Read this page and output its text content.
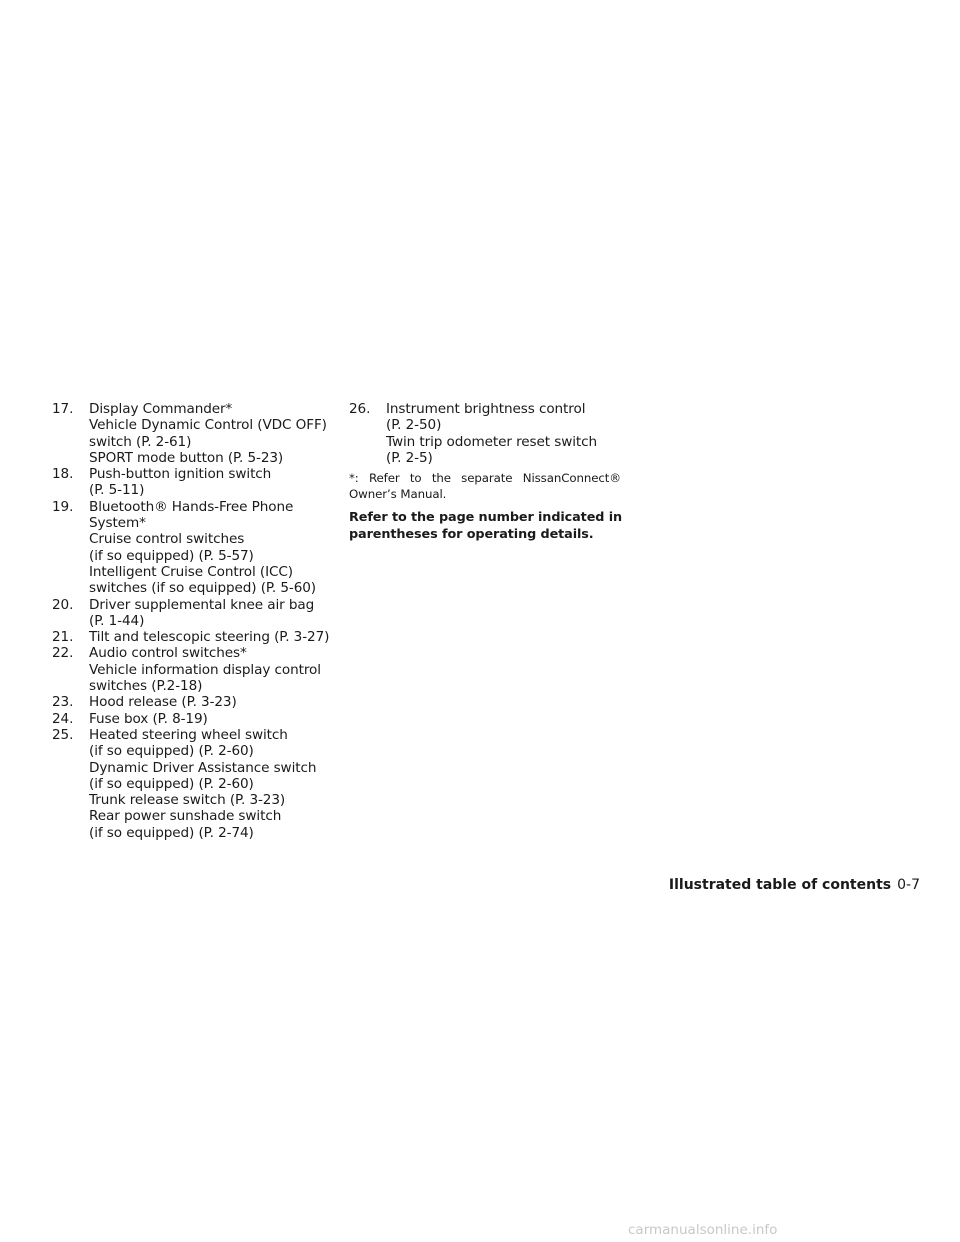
17. Display Commander*
Vehicle Dynamic Control (VDC OFF)
switch (P. 2-61)
SPORT mode button (P. 5-23)
18. Push-button ignition switch
(P. 5-11)
19. Bluetooth® Hands-Free Phone
System*
Cruise control switches
(if so equipped) (P. 5-57)
Intelligent Cruise Control (ICC)
switches (if so equipped) (P. 5-60)
20. Driver supplemental knee air bag
(P. 1-44)
21. Tilt and telescopic steering (P. 3-27)
22. Audio control switches*
Vehicle information display control
switches (P.2-18)
23. Hood release (P. 3-23)
24. Fuse box (P. 8-19)
25. Heated steering wheel switch
(if so equipped) (P. 2-60)
Dynamic Driver Assistance switch
(if so equipped) (P. 2-60)
Trunk release switch (P. 3-23)
Rear power sunshade switch
(if so equipped) (P. 2-74)
26. Instrument brightness control
(P. 2-50)
Twin trip odometer reset switch
(P. 2-5)
*: Refer to the separate NissanConnect®
Owner’s Manual.
Refer to the page number indicated in
parentheses for operating details.
Illustrated table of contents 0-7
carmanualsonline.info
